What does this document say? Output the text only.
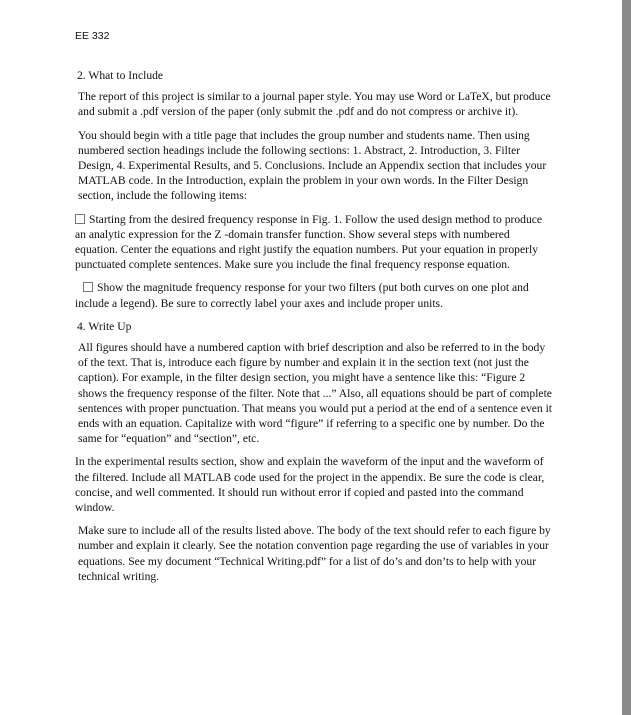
EE 332
2. What to Include

The report of this project is similar to a journal paper style. You may use Word or LaTeX, but produce and submit a .pdf version of the paper (only submit the .pdf and do not compress or archive it).

You should begin with a title page that includes the group number and students name. Then using numbered section headings include the following sections: 1. Abstract, 2. Introduction, 3. Filter Design, 4. Experimental Results, and 5. Conclusions. Include an Appendix section that includes your MATLAB code. In the Introduction, explain the problem in your own words. In the Filter Design section, include the following items:

Starting from the desired frequency response in Fig. 1. Follow the used design method to produce an analytic expression for the Z -domain transfer function. Show several steps with numbered equation. Center the equations and right justify the equation numbers. Put your equation in properly punctuated complete sentences. Make sure you include the final frequency response equation.

Show the magnitude frequency response for your two filters (put both curves on one plot and include a legend). Be sure to correctly label your axes and include proper units.

4. Write Up

All figures should have a numbered caption with brief description and also be referred to in the body of the text. That is, introduce each figure by number and explain it in the section text (not just the caption). For example, in the filter design section, you might have a sentence like this: “Figure 2 shows the frequency response of the filter. Note that ...” Also, all equations should be part of complete sentences with proper punctuation. That means you would put a period at the end of a sentence even it ends with an equation. Capitalize with word “figure” if referring to a specific one by number. Do the same for “equation” and “section”, etc.

In the experimental results section, show and explain the waveform of the input and the waveform of the filtered. Include all MATLAB code used for the project in the appendix. Be sure the code is clear, concise, and well commented. It should run without error if copied and pasted into the command window.

Make sure to include all of the results listed above. The body of the text should refer to each figure by number and explain it clearly. See the notation convention page regarding the use of variables in your equations. See my document “Technical Writing.pdf” for a list of do’s and don’ts to help with your technical writing.
